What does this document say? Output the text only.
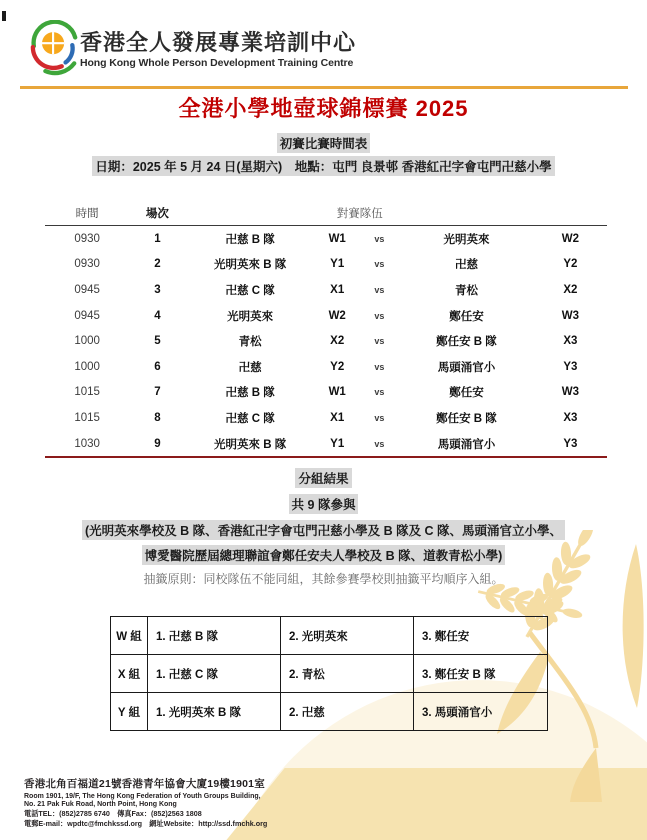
香港全人發展專業培訓中心
Hong Kong Whole Person Development Training Centre
全港小學地壺球錦標賽 2025
初賽比賽時間表
日期：2025 年 5 月 24 日(星期六)　地點：屯門 良景邨 香港紅卍字會屯門卍慈小學
時間	場次	對賽隊伍
0930	1	卍慈 B 隊	W1	vs	光明英來	W2
0930	2	光明英來 B 隊	Y1	vs	卍慈	Y2
0945	3	卍慈 C 隊	X1	vs	青松	X2
0945	4	光明英來	W2	vs	鄭任安	W3
1000	5	青松	X2	vs	鄭任安 B 隊	X3
1000	6	卍慈	Y2	vs	馬頭涌官小	Y3
1015	7	卍慈 B 隊	W1	vs	鄭任安	W3
1015	8	卍慈 C 隊	X1	vs	鄭任安 B 隊	X3
1030	9	光明英來 B 隊	Y1	vs	馬頭涌官小	Y3
分組結果
共 9 隊參與
(光明英來學校及 B 隊、香港紅卍字會屯門卍慈小學及 B 隊及 C 隊、馬頭涌官立小學、
博愛醫院歷屆總理聯誼會鄭任安夫人學校及 B 隊、道教青松小學)
抽籤原則：同校隊伍不能同組，其餘參賽學校則抽籤平均順序入組。
W 組	1. 卍慈 B 隊	2. 光明英來	3. 鄭任安
X 組	1. 卍慈 C 隊	2. 青松	3. 鄭任安 B 隊
Y 組	1. 光明英來 B 隊	2. 卍慈	3. 馬頭涌官小
香港北角百福道21號香港青年協會大廈19樓1901室
Room 1901, 19/F, The Hong Kong Federation of Youth Groups Building,
No. 21 Pak Fuk Road, North Point, Hong Kong
電話TEL：(852)2785 6740　傳真Fax：(852)2563 1808
電郵E-mail：wpdtc@fmchkssd.org　網址Website：http://ssd.fmchk.org
